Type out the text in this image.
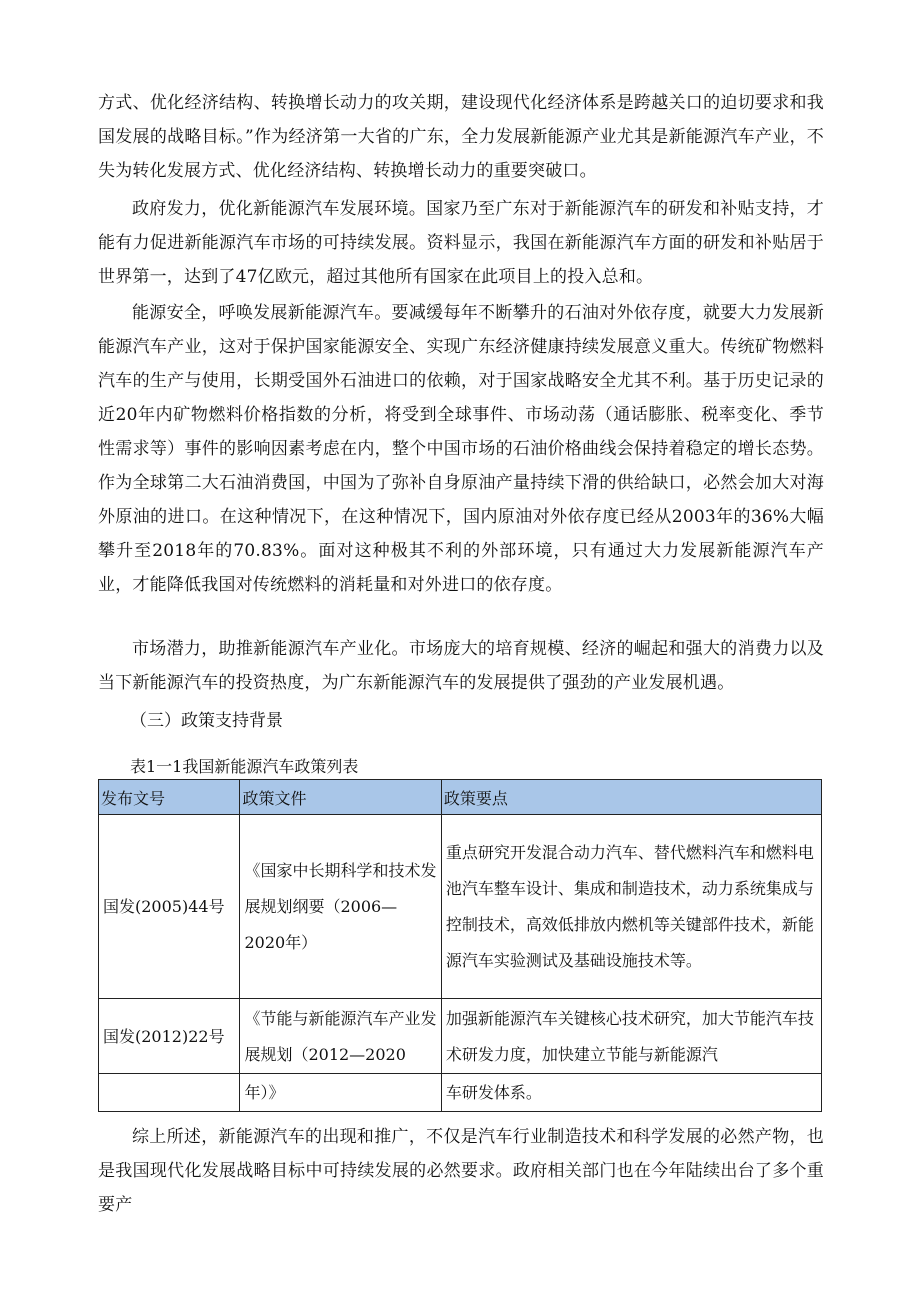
方式、优化经济结构、转换增长动力的攻关期，建设现代化经济体系是跨越关口的迫切要求和我国发展的战略目标。”作为经济第一大省的广东，全力发展新能源产业尤其是新能源汽车产业，不失为转化发展方式、优化经济结构、转换增长动力的重要突破口。

政府发力，优化新能源汽车发展环境。国家乃至广东对于新能源汽车的研发和补贴支持，才能有力促进新能源汽车市场的可持续发展。资料显示，我国在新能源汽车方面的研发和补贴居于世界第一，达到了47亿欧元，超过其他所有国家在此项目上的投入总和。

能源安全，呼唤发展新能源汽车。要减缓每年不断攀升的石油对外依存度，就要大力发展新能源汽车产业，这对于保护国家能源安全、实现广东经济健康持续发展意义重大。传统矿物燃料汽车的生产与使用，长期受国外石油进口的依赖，对于国家战略安全尤其不利。基于历史记录的近20年内矿物燃料价格指数的分析，将受到全球事件、市场动荡（通话膨胀、税率变化、季节性需求等）事件的影响因素考虑在内，整个中国市场的石油价格曲线会保持着稳定的增长态势。作为全球第二大石油消费国，中国为了弥补自身原油产量持续下滑的供给缺口，必然会加大对海外原油的进口。在这种情况下，在这种情况下，国内原油对外依存度已经从2003年的36%大幅攀升至2018年的70.83%。面对这种极其不利的外部环境，只有通过大力发展新能源汽车产业，才能降低我国对传统燃料的消耗量和对外进口的依存度。

市场潜力，助推新能源汽车产业化。市场庞大的培育规模、经济的崛起和强大的消费力以及当下新能源汽车的投资热度，为广东新能源汽车的发展提供了强劲的产业发展机遇。

（三）政策支持背景

表1一1我国新能源汽车政策列表

发布文号	政策文件	政策要点
国发(2005)44号	《国家中长期科学和技术发展规划纲要（2006—2020年）	重点研究开发混合动力汽车、替代燃料汽车和燃料电池汽车整车设计、集成和制造技术，动力系统集成与控制技术，高效低排放内燃机等关键部件技术，新能源汽车实验测试及基础设施技术等。
国发(2012)22号	《节能与新能源汽车产业发展规划（2012—2020	加强新能源汽车关键核心技术研究，加大节能汽车技术研发力度，加快建立节能与新能源汽
	年）》	车研发体系。

综上所述，新能源汽车的出现和推广，不仅是汽车行业制造技术和科学发展的必然产物，也是我国现代化发展战略目标中可持续发展的必然要求。政府相关部门也在今年陆续出台了多个重要产
